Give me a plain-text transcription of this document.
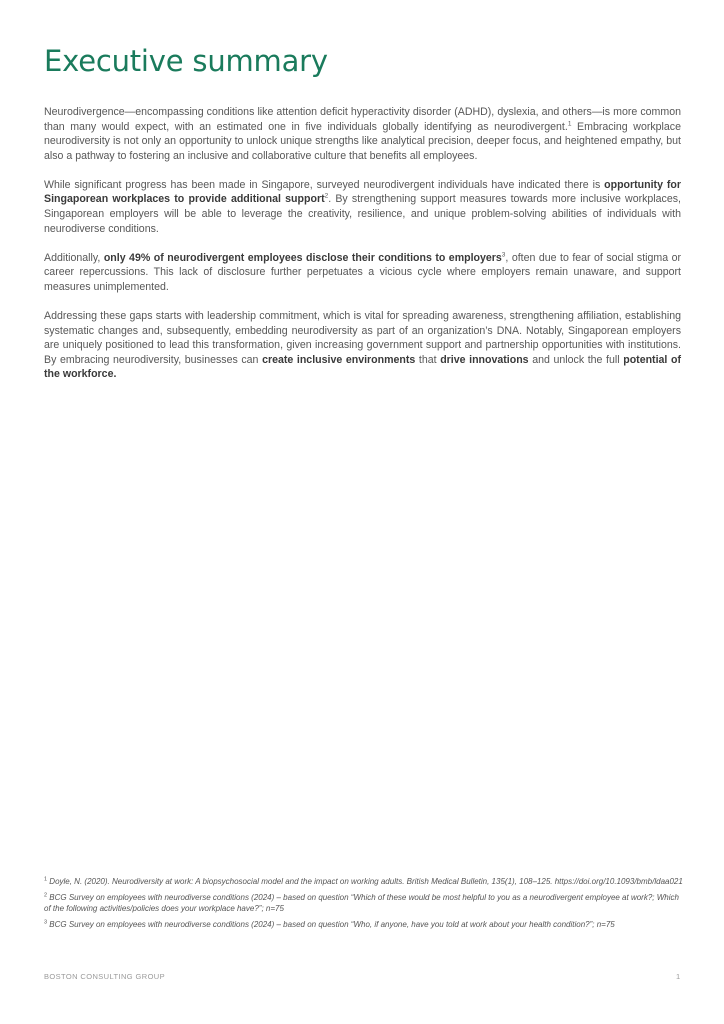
Executive summary

Neurodivergence—encompassing conditions like attention deficit hyperactivity disorder (ADHD), dyslexia, and others—is more common than many would expect, with an estimated one in five individuals globally identifying as neurodivergent.$^1$ Embracing workplace neurodiversity is not only an opportunity to unlock unique strengths like analytical precision, deeper focus, and heightened empathy, but also a pathway to fostering an inclusive and collaborative culture that benefits all employees.

While significant progress has been made in Singapore, surveyed neurodivergent individuals have indicated there is opportunity for Singaporean workplaces to provide additional support$^2$. By strengthening support measures towards more inclusive workplaces, Singaporean employers will be able to leverage the creativity, resilience, and unique problem-solving abilities of individuals with neurodiverse conditions.

Additionally, only 49% of neurodivergent employees disclose their conditions to employers$^3$, often due to fear of social stigma or career repercussions. This lack of disclosure further perpetuates a vicious cycle where employers remain unaware, and support measures unimplemented.

Addressing these gaps starts with leadership commitment, which is vital for spreading awareness, strengthening affiliation, establishing systematic changes and, subsequently, embedding neurodiversity as part of an organization’s DNA. Notably, Singaporean employers are uniquely positioned to lead this transformation, given increasing government support and partnership opportunities with institutions. By embracing neurodiversity, businesses can create inclusive environments that drive innovations and unlock the full potential of the workforce.

$^1$ Doyle, N. (2020). Neurodiversity at work: A biopsychosocial model and the impact on working adults. British Medical Bulletin, 135(1), 108–125. https://doi.org/10.1093/bmb/ldaa021

$^2$ BCG Survey on employees with neurodiverse conditions (2024) – based on question “Which of these would be most helpful to you as a neurodivergent employee at work?; Which of the following activities/policies does your workplace have?”; n=75

$^3$ BCG Survey on employees with neurodiverse conditions (2024) – based on question “Who, if anyone, have you told at work about your health condition?”; n=75

BOSTON CONSULTING GROUP	1
